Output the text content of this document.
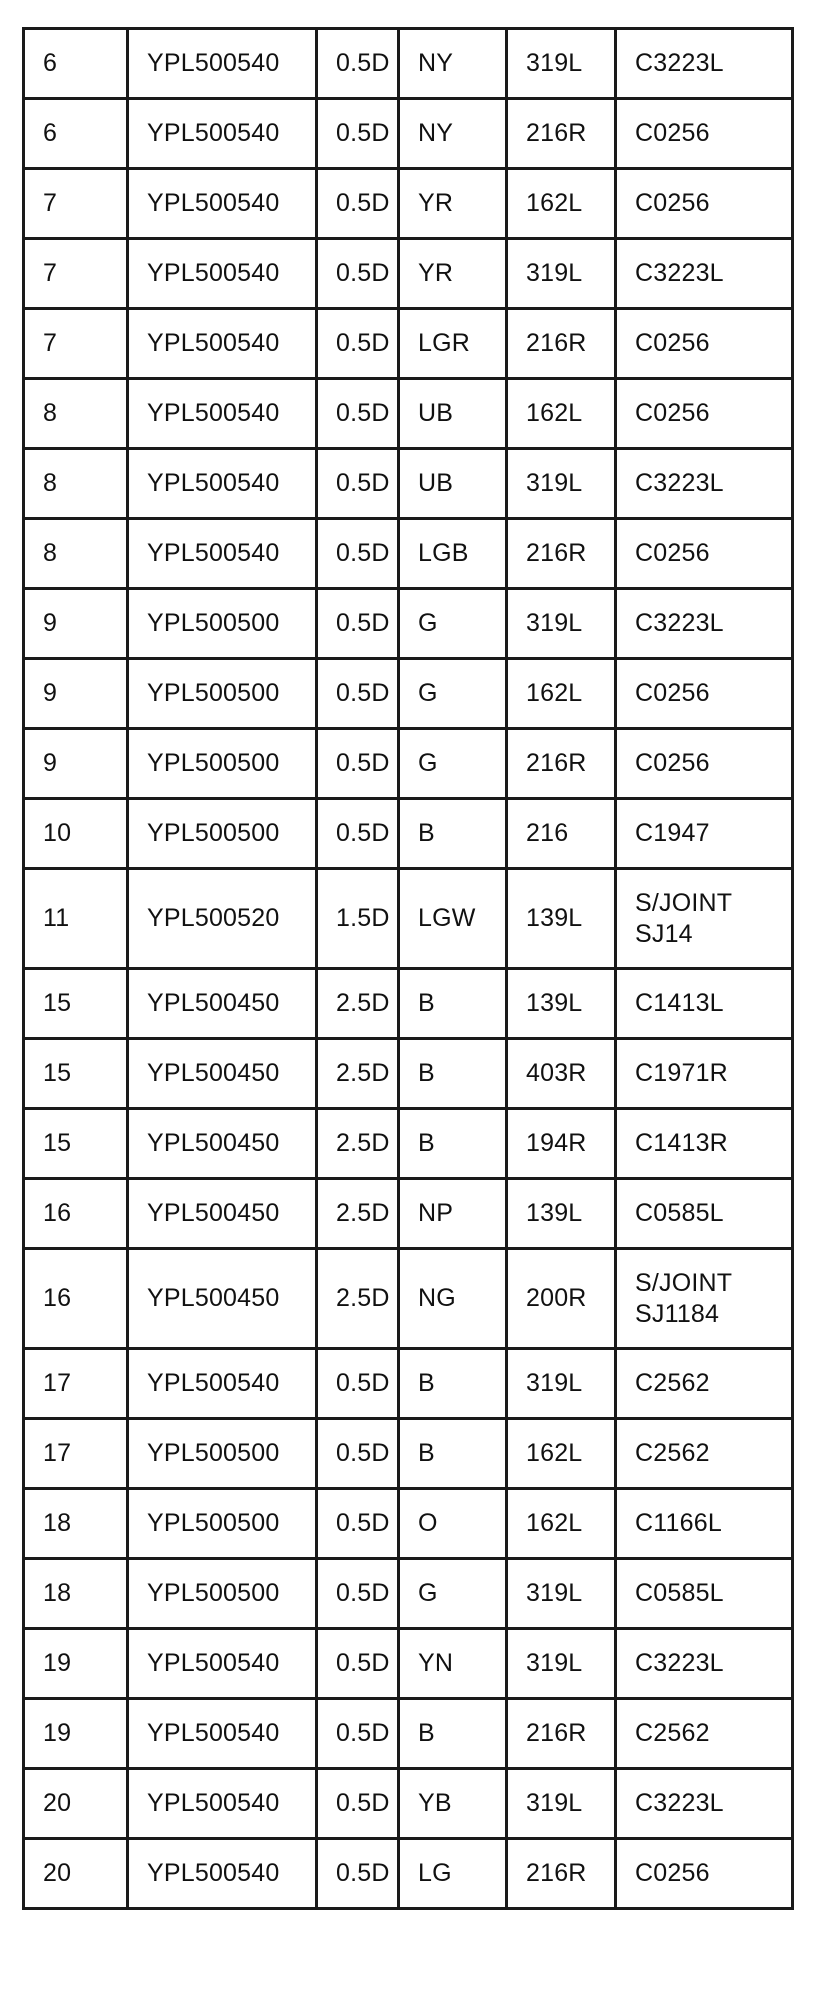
6	YPL500540	0.5D	NY	319L	C3223L
6	YPL500540	0.5D	NY	216R	C0256
7	YPL500540	0.5D	YR	162L	C0256
7	YPL500540	0.5D	YR	319L	C3223L
7	YPL500540	0.5D	LGR	216R	C0256
8	YPL500540	0.5D	UB	162L	C0256
8	YPL500540	0.5D	UB	319L	C3223L
8	YPL500540	0.5D	LGB	216R	C0256
9	YPL500500	0.5D	G	319L	C3223L
9	YPL500500	0.5D	G	162L	C0256
9	YPL500500	0.5D	G	216R	C0256
10	YPL500500	0.5D	B	216	C1947
11	YPL500520	1.5D	LGW	139L	S/JOINT SJ14
15	YPL500450	2.5D	B	139L	C1413L
15	YPL500450	2.5D	B	403R	C1971R
15	YPL500450	2.5D	B	194R	C1413R
16	YPL500450	2.5D	NP	139L	C0585L
16	YPL500450	2.5D	NG	200R	S/JOINT SJ1184
17	YPL500540	0.5D	B	319L	C2562
17	YPL500500	0.5D	B	162L	C2562
18	YPL500500	0.5D	O	162L	C1166L
18	YPL500500	0.5D	G	319L	C0585L
19	YPL500540	0.5D	YN	319L	C3223L
19	YPL500540	0.5D	B	216R	C2562
20	YPL500540	0.5D	YB	319L	C3223L
20	YPL500540	0.5D	LG	216R	C0256
